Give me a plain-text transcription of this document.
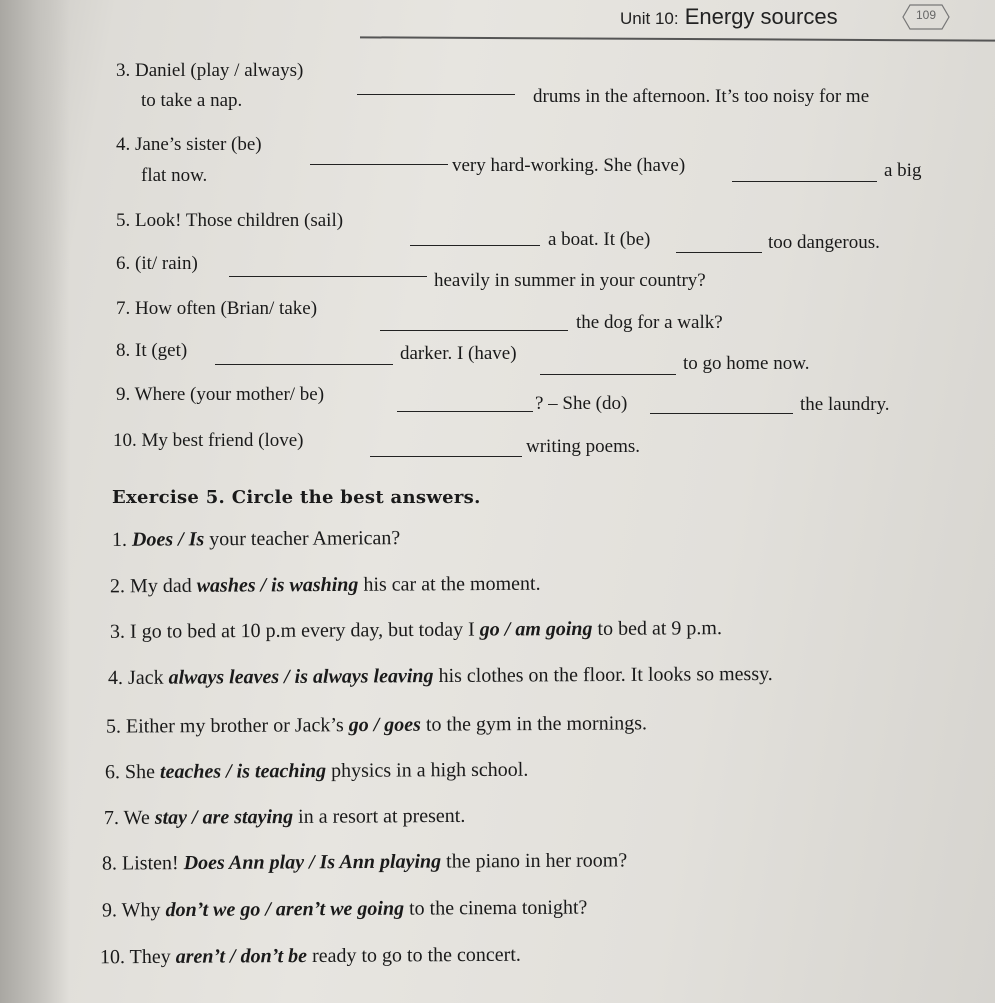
Unit 10: Energy sources	109
3. Daniel (play / always)
drums in the afternoon. It’s too noisy for me
to take a nap.
4. Jane’s sister (be)
very hard-working. She (have)	a big
flat now.
5. Look! Those children (sail)
a boat. It (be)	too dangerous.
6. (it/ rain)
heavily in summer in your country?
7. How often (Brian/ take)
the dog for a walk?
8. It (get)	darker. I (have)	to go home now.
9. Where (your mother/ be)	? – She (do)	the laundry.
10. My best friend (love)	writing poems.
Exercise 5. Circle the best answers.
1. Does / Is your teacher American?
2. My dad washes / is washing his car at the moment.
3. I go to bed at 10 p.m every day, but today I go / am going to bed at 9 p.m.
4. Jack always leaves / is always leaving his clothes on the floor. It looks so messy.
5. Either my brother or Jack’s go / goes to the gym in the mornings.
6. She teaches / is teaching physics in a high school.
7. We stay / are staying in a resort at present.
8. Listen! Does Ann play / Is Ann playing the piano in her room?
9. Why don’t we go / aren’t we going to the cinema tonight?
10. They aren’t / don’t be ready to go to the concert.
